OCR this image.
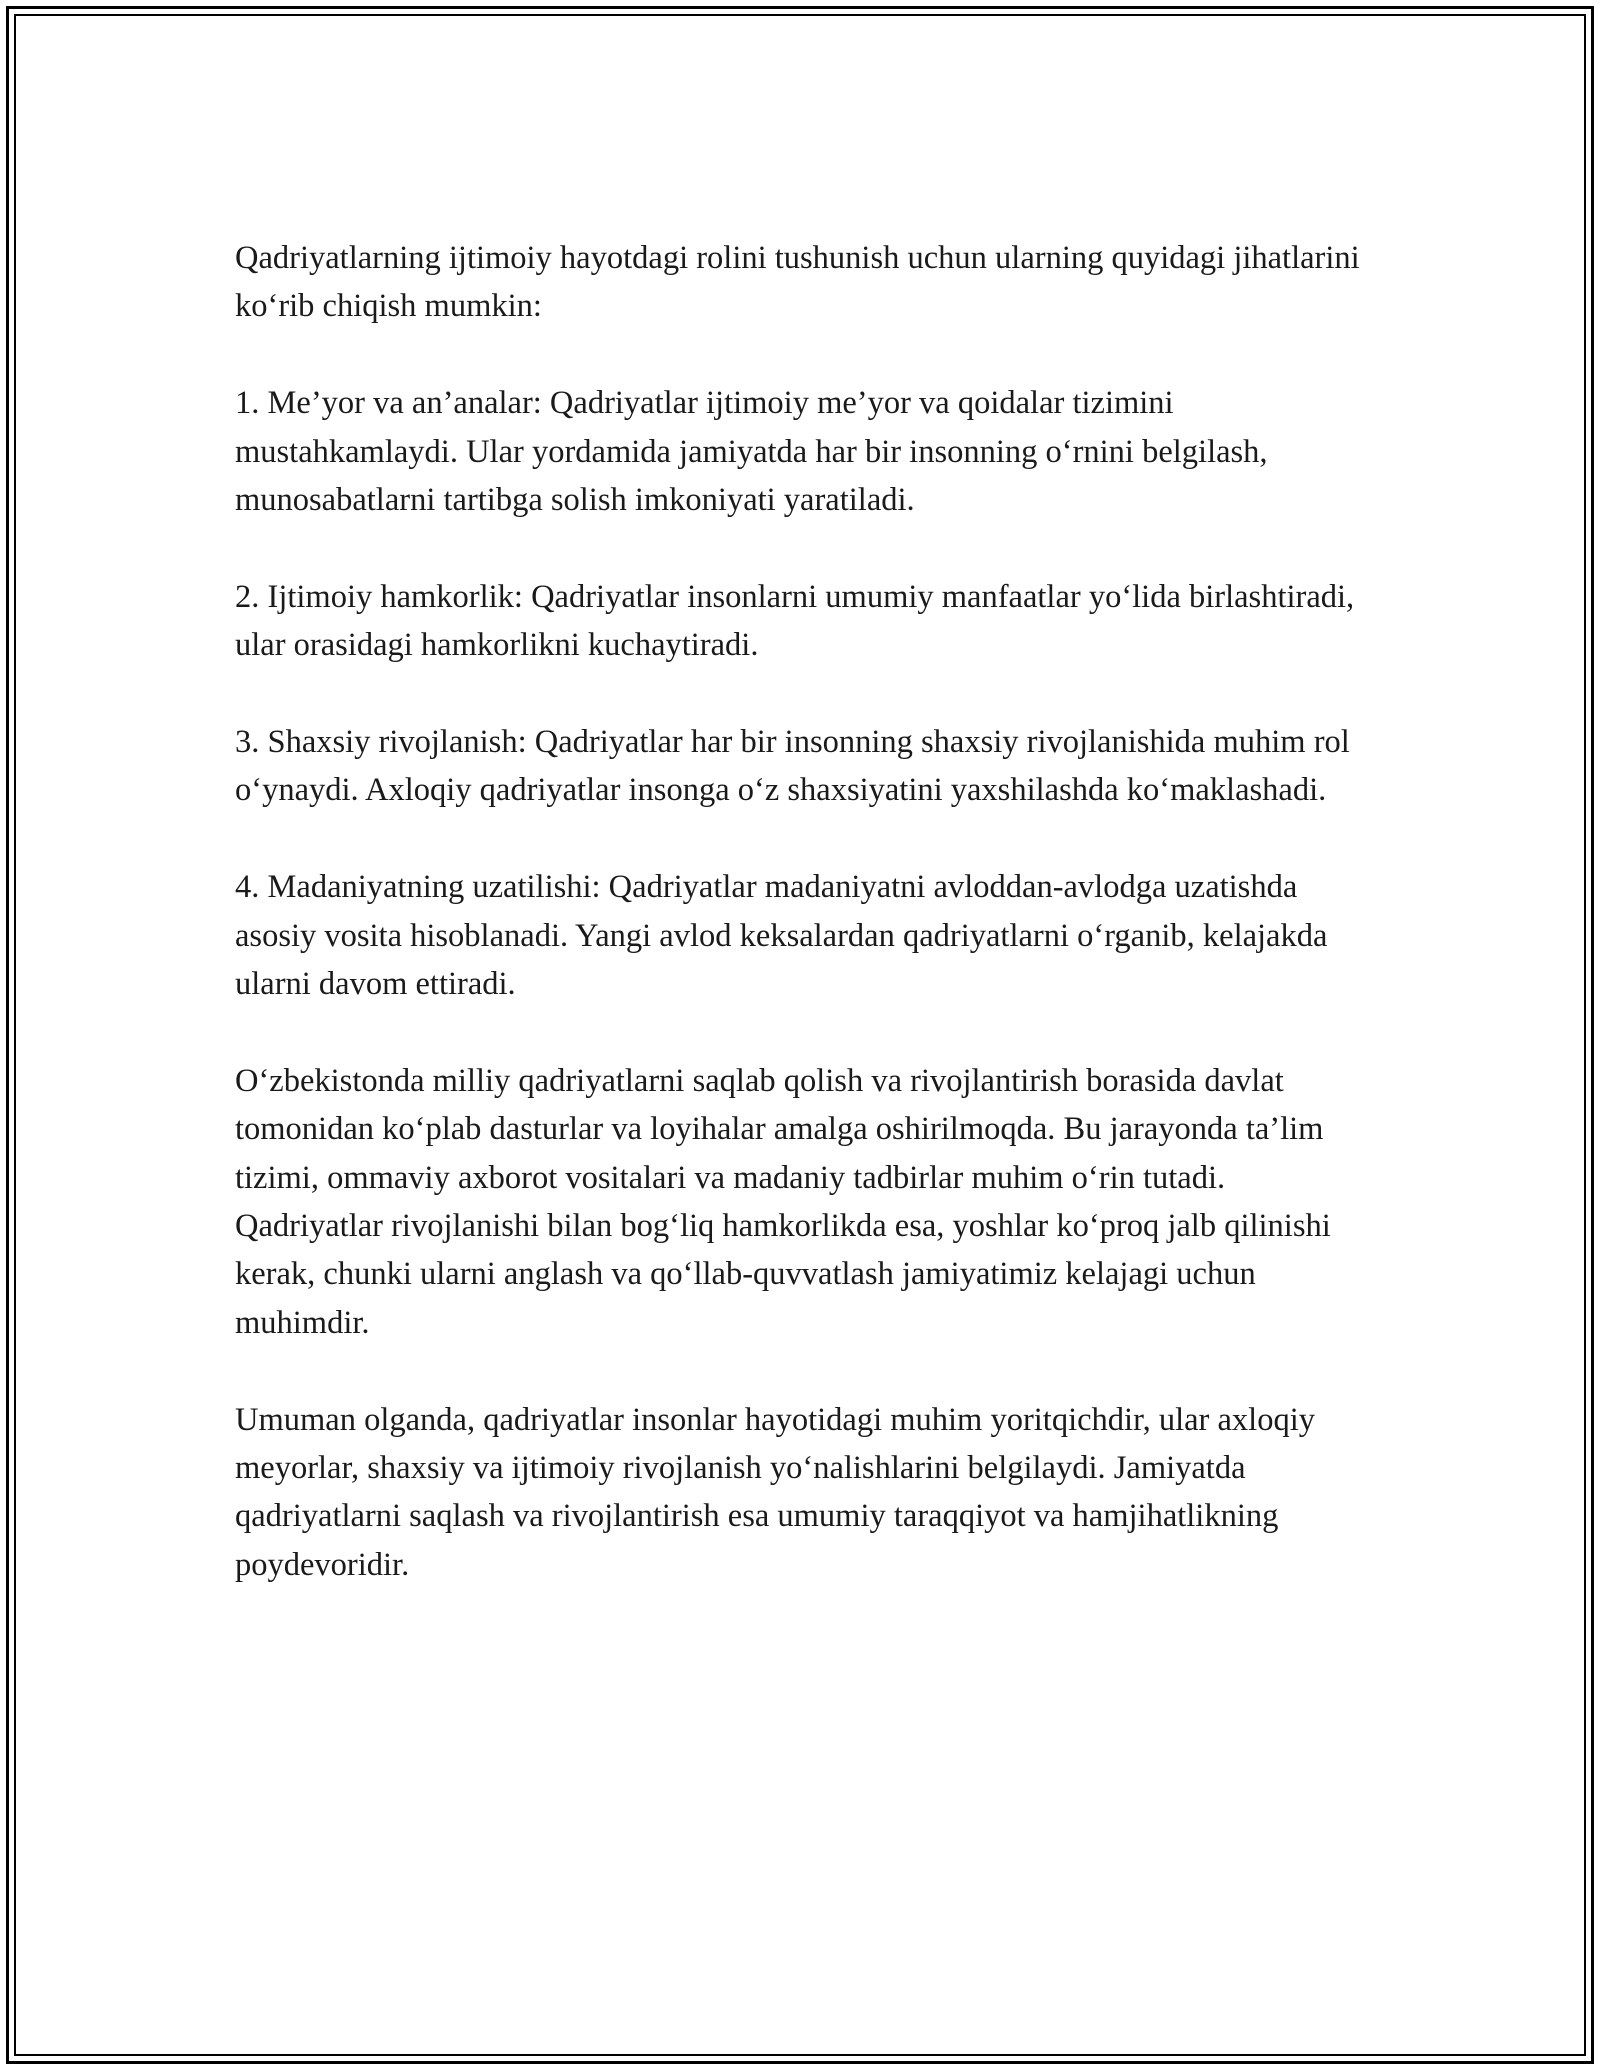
Qadriyatlarning ijtimoiy hayotdagi rolini tushunish uchun ularning quyidagi jihatlarini ko‘rib chiqish mumkin:

1. Me’yor va an’analar: Qadriyatlar ijtimoiy me’yor va qoidalar tizimini mustahkamlaydi. Ular yordamida jamiyatda har bir insonning o‘rnini belgilash, munosabatlarni tartibga solish imkoniyati yaratiladi.

2. Ijtimoiy hamkorlik: Qadriyatlar insonlarni umumiy manfaatlar yo‘lida birlashtiradi, ular orasidagi hamkorlikni kuchaytiradi.

3. Shaxsiy rivojlanish: Qadriyatlar har bir insonning shaxsiy rivojlanishida muhim rol o‘ynaydi. Axloqiy qadriyatlar insonga o‘z shaxsiyatini yaxshilashda ko‘maklashadi.

4. Madaniyatning uzatilishi: Qadriyatlar madaniyatni avloddan-avlodga uzatishda asosiy vosita hisoblanadi. Yangi avlod keksalardan qadriyatlarni o‘rganib, kelajakda ularni davom ettiradi.

O‘zbekistonda milliy qadriyatlarni saqlab qolish va rivojlantirish borasida davlat tomonidan ko‘plab dasturlar va loyihalar amalga oshirilmoqda. Bu jarayonda ta’lim tizimi, ommaviy axborot vositalari va madaniy tadbirlar muhim o‘rin tutadi. Qadriyatlar rivojlanishi bilan bog‘liq hamkorlikda esa, yoshlar ko‘proq jalb qilinishi kerak, chunki ularni anglash va qo‘llab-quvvatlash jamiyatimiz kelajagi uchun muhimdir.

Umuman olganda, qadriyatlar insonlar hayotidagi muhim yoritqichdir, ular axloqiy meyorlar, shaxsiy va ijtimoiy rivojlanish yo‘nalishlarini belgilaydi. Jamiyatda qadriyatlarni saqlash va rivojlantirish esa umumiy taraqqiyot va hamjihatlikning poydevoridir.
